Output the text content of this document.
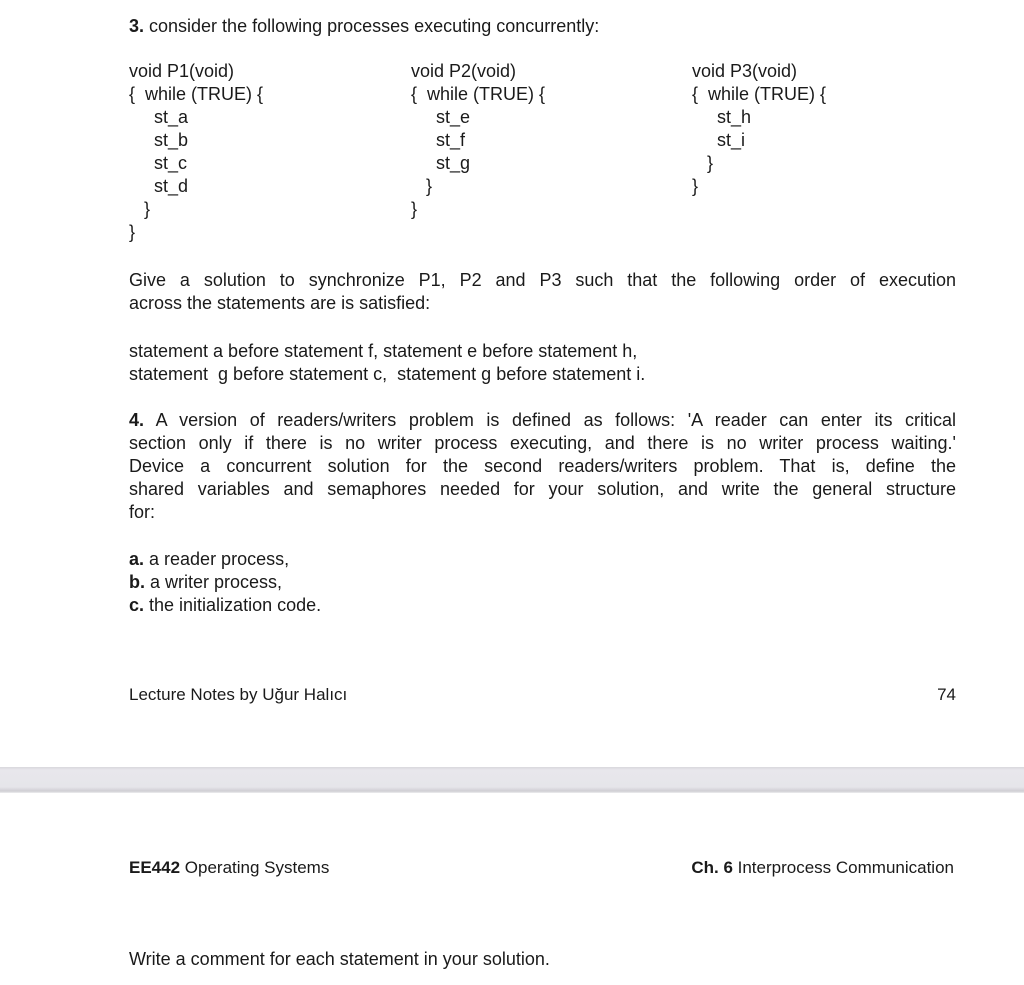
3. consider the following processes executing concurrently:
void P1(void)
{  while (TRUE) {
st_a
st_b
st_c
st_d
}
}
void P2(void)
{  while (TRUE) {
st_e
st_f
st_g
}
}
void P3(void)
{  while (TRUE) {
st_h
st_i
}
}
Give a solution to synchronize P1, P2 and P3 such that the following order of execution
across the statements are is satisfied:
statement a before statement f, statement e before statement h,
statement  g before statement c,  statement g before statement i.
4. A version of readers/writers problem is defined as follows: 'A reader can enter its critical
section only if there is no writer process executing, and there is no writer process waiting.'
Device a concurrent solution for the second readers/writers problem. That is, define the
shared variables and semaphores needed for your solution, and write the general structure
for:
a. a reader process,
b. a writer process,
c. the initialization code.
Lecture Notes by Uğur Halıcı	74
EE442 Operating Systems	Ch. 6 Interprocess Communication
Write a comment for each statement in your solution.
